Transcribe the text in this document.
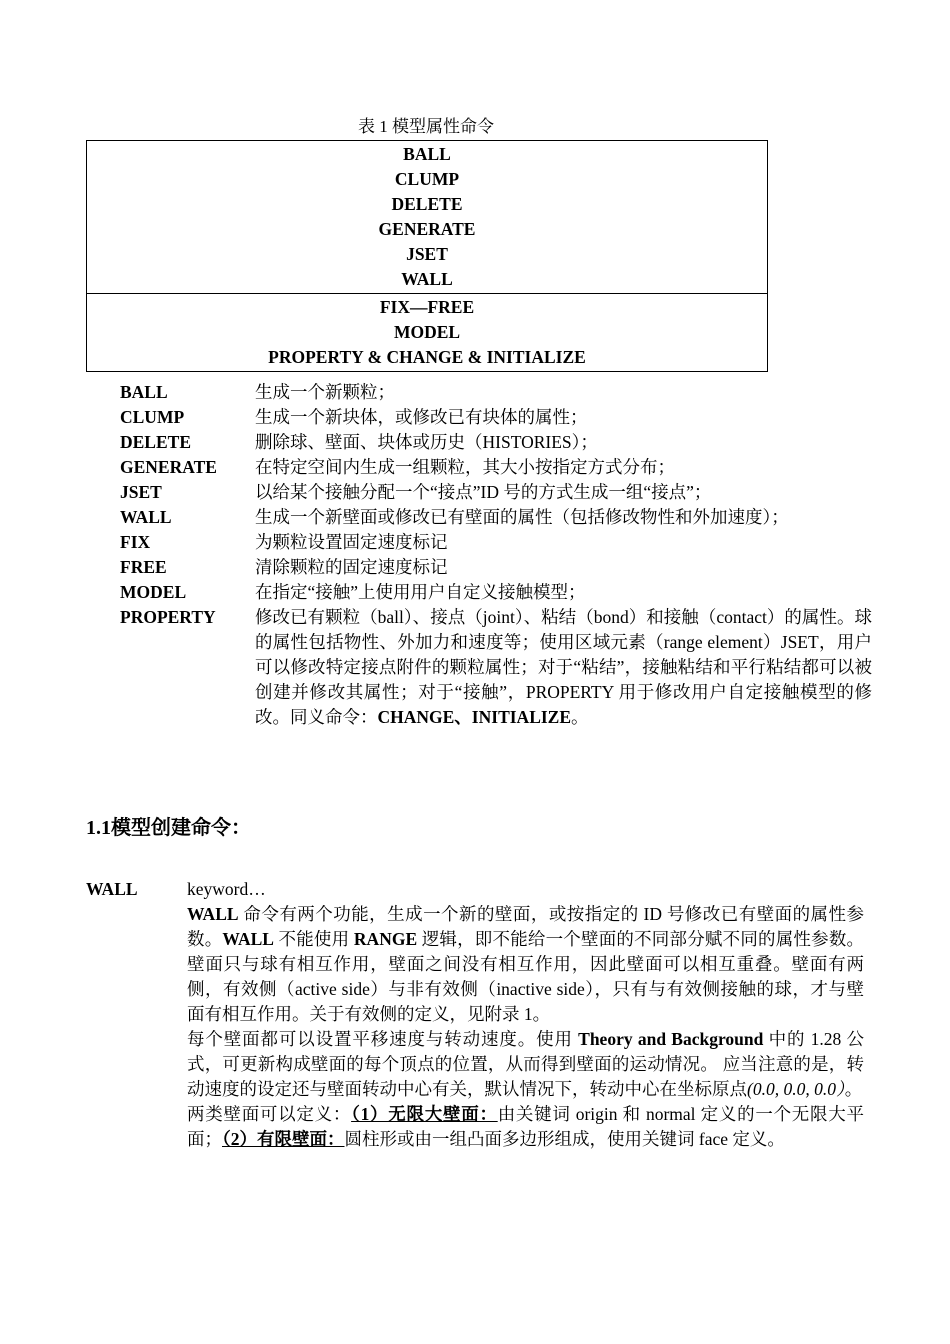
表 1 模型属性命令
BALL
CLUMP
DELETE
GENERATE
JSET
WALL
FIX—FREE
MODEL
PROPERTY & CHANGE & INITIALIZE
BALL	生成一个新颗粒；
CLUMP	生成一个新块体，或修改已有块体的属性；
DELETE	删除球、壁面、块体或历史（HISTORIES）；
GENERATE	在特定空间内生成一组颗粒，其大小按指定方式分布；
JSET	以给某个接触分配一个“接点”ID 号的方式生成一组“接点”；
WALL	生成一个新壁面或修改已有壁面的属性（包括修改物性和外加速度）；
FIX	为颗粒设置固定速度标记
FREE	清除颗粒的固定速度标记
MODEL	在指定“接触”上使用用户自定义接触模型；
PROPERTY	修改已有颗粒（ball）、接点（joint）、粘结（bond）和接触（contact）的属性。球的属性包括物性、外加力和速度等；使用区域元素（range element）JSET，用户可以修改特定接点附件的颗粒属性；对于“粘结”，接触粘结和平行粘结都可以被创建并修改其属性；对于“接触”，PROPERTY 用于修改用户自定接触模型的修改。同义命令：CHANGE、INITIALIZE。
1.1模型创建命令：
WALL	keyword…

WALL 命令有两个功能，生成一个新的壁面，或按指定的 ID 号修改已有壁面的属性参数。WALL 不能使用 RANGE 逻辑，即不能给一个壁面的不同部分赋不同的属性参数。壁面只与球有相互作用，壁面之间没有相互作用，因此壁面可以相互重叠。壁面有两侧，有效侧（active side）与非有效侧（inactive side），只有与有效侧接触的球，才与壁面有相互作用。关于有效侧的定义，见附录 1。

每个壁面都可以设置平移速度与转动速度。使用 Theory and Background 中的 1.28 公式，可更新构成壁面的每个顶点的位置，从而得到壁面的运动情况。 应当注意的是，转动速度的设定还与壁面转动中心有关，默认情况下，转动中心在坐标原点(0.0, 0.0, 0.0）。

两类壁面可以定义：（1）无限大壁面：由关键词 origin 和 normal 定义的一个无限大平面；（2）有限壁面：圆柱形或由一组凸面多边形组成，使用关键词 face 定义。
